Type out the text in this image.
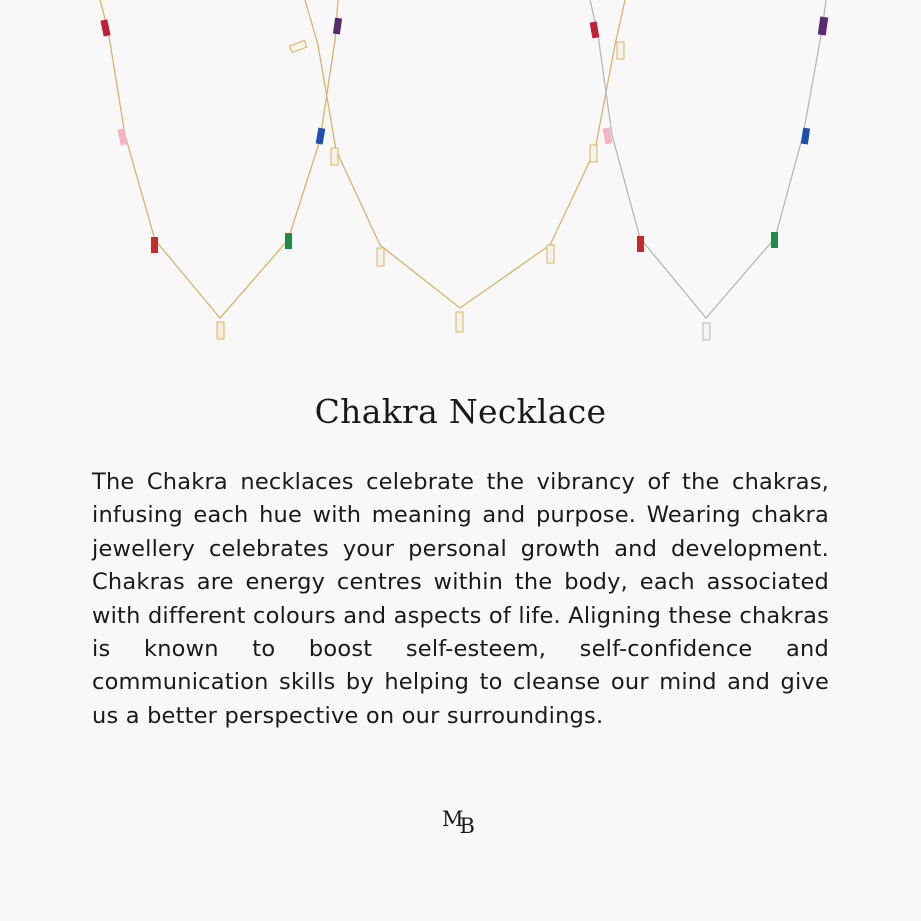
Chakra Necklace
The Chakra necklaces celebrate the vibrancy of the chakras, infusing each hue with meaning and purpose. Wearing chakra jewellery celebrates your personal growth and development. Chakras are energy centres within the body, each associated with different colours and aspects of life. Aligning these chakras is known to boost self-esteem, self-confidence and communication skills by helping to cleanse our mind and give us a better perspective on our surroundings.
MB
